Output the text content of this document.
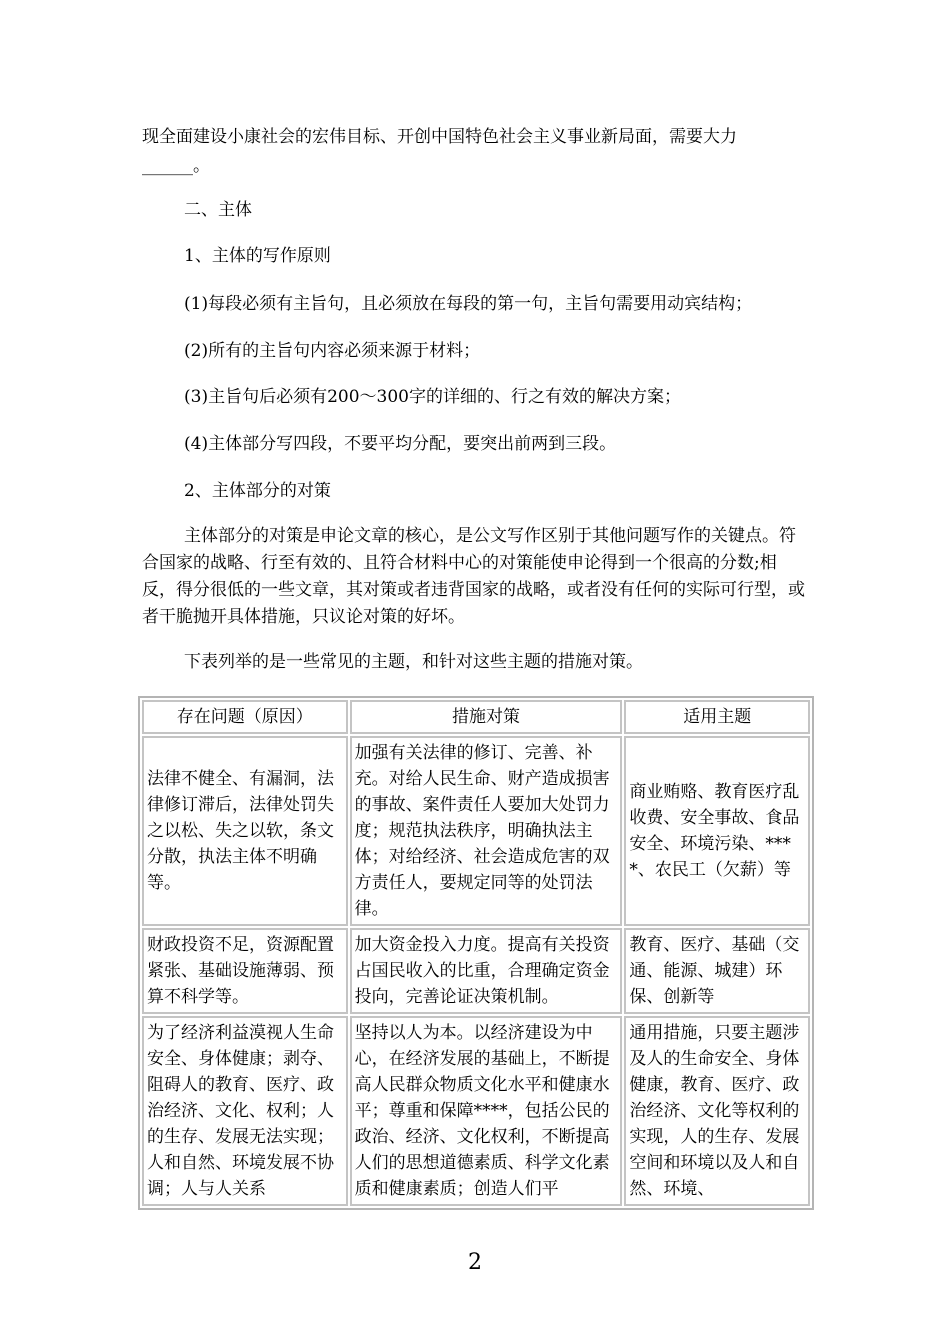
现全面建设小康社会的宏伟目标、开创中国特色社会主义事业新局面，需要大力

______。

二、主体

1、主体的写作原则

(1)每段必须有主旨句，且必须放在每段的第一句，主旨句需要用动宾结构；

(2)所有的主旨句内容必须来源于材料；

(3)主旨句后必须有200～300字的详细的、行之有效的解决方案；

(4)主体部分写四段，不要平均分配，要突出前两到三段。

2、主体部分的对策

主体部分的对策是申论文章的核心，是公文写作区别于其他问题写作的关键点。符合国家的战略、行至有效的、且符合材料中心的对策能使申论得到一个很高的分数;相反，得分很低的一些文章，其对策或者违背国家的战略，或者没有任何的实际可行型，或者干脆抛开具体措施，只议论对策的好坏。

下表列举的是一些常见的主题，和针对这些主题的措施对策。

存在问题（原因）	措施对策	适用主题
法律不健全、有漏洞，法律修订滞后，法律处罚失之以松、失之以软，条文分散，执法主体不明确等。	加强有关法律的修订、完善、补充。对给人民生命、财产造成损害的事故、案件责任人要加大处罚力度；规范执法秩序，明确执法主体；对给经济、社会造成危害的双方责任人，要规定同等的处罚法律。	商业贿赂、教育医疗乱收费、安全事故、食品安全、环境污染、****、农民工（欠薪）等
财政投资不足，资源配置紧张、基础设施薄弱、预算不科学等。	加大资金投入力度。提高有关投资占国民收入的比重，合理确定资金投向，完善论证决策机制。	教育、医疗、基础（交通、能源、城建）环保、创新等

为了经济利益漠视人生命安全、身体健康；剥夺、阻碍人的教育、医疗、政治经济、文化、权利；人的生存、发展无法实现；人和自然、环境发展不协调；人与人关系	坚持以人为本。以经济建设为中心，在经济发展的基础上，不断提高人民群众物质文化水平和健康水平；尊重和保障****，包括公民的政治、经济、文化权利，不断提高人们的思想道德素质、科学文化素质和健康素质；创造人们平	通用措施，只要主题涉及人的生命安全、身体健康，教育、医疗、政治经济、文化等权利的实现，人的生存、发展空间和环境以及人和自然、环境、
2
